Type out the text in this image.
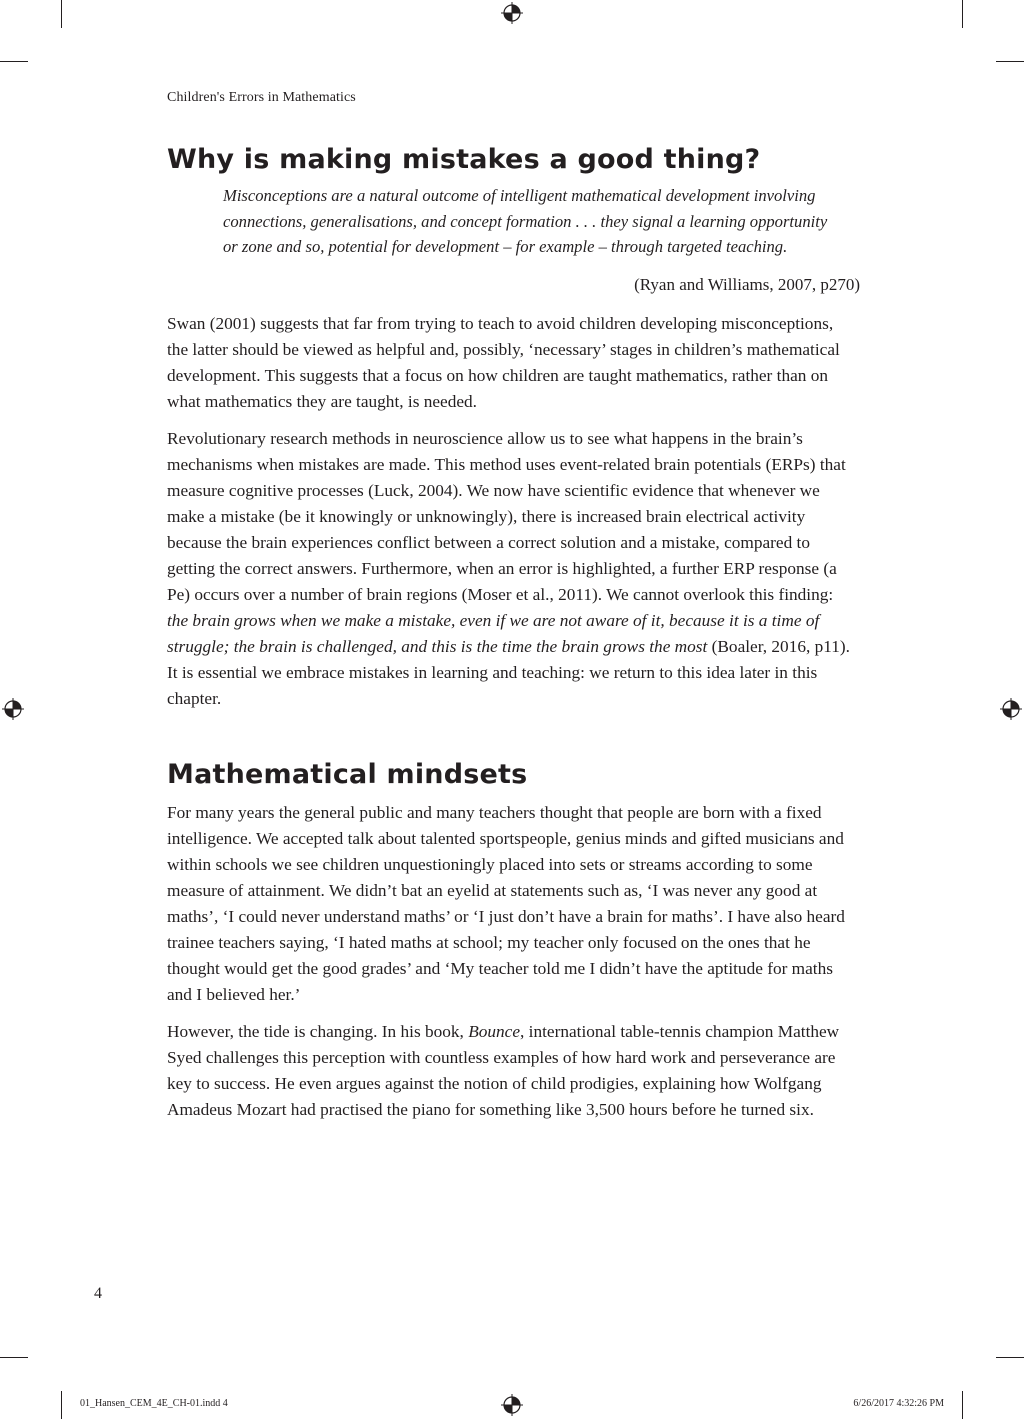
Children's Errors in Mathematics
Why is making mistakes a good thing?
Misconceptions are a natural outcome of intelligent mathematical development involving connections, generalisations, and concept formation . . . they signal a learning opportunity or zone and so, potential for development – for example – through targeted teaching.
(Ryan and Williams, 2007, p270)

Swan (2001) suggests that far from trying to teach to avoid children developing misconceptions, the latter should be viewed as helpful and, possibly, ‘necessary’ stages in children’s mathematical development. This suggests that a focus on how children are taught mathematics, rather than on what mathematics they are taught, is needed.

Revolutionary research methods in neuroscience allow us to see what happens in the brain’s mechanisms when mistakes are made. This method uses event-related brain potentials (ERPs) that measure cognitive processes (Luck, 2004). We now have scientific evidence that whenever we make a mistake (be it knowingly or unknowingly), there is increased brain electrical activity because the brain experiences conflict between a correct solution and a mistake, compared to getting the correct answers. Furthermore, when an error is highlighted, a further ERP response (a Pe) occurs over a number of brain regions (Moser et al., 2011). We cannot overlook this finding: the brain grows when we make a mistake, even if we are not aware of it, because it is a time of struggle; the brain is challenged, and this is the time the brain grows the most (Boaler, 2016, p11). It is essential we embrace mistakes in learning and teaching: we return to this idea later in this chapter.

Mathematical mindsets

For many years the general public and many teachers thought that people are born with a fixed intelligence. We accepted talk about talented sportspeople, genius minds and gifted musicians and within schools we see children unquestioningly placed into sets or streams according to some measure of attainment. We didn’t bat an eyelid at statements such as, ‘I was never any good at maths’, ‘I could never understand maths’ or ‘I just don’t have a brain for maths’. I have also heard trainee teachers saying, ‘I hated maths at school; my teacher only focused on the ones that he thought would get the good grades’ and ‘My teacher told me I didn’t have the aptitude for maths and I believed her.’

However, the tide is changing. In his book, Bounce, international table-tennis champion Matthew Syed challenges this perception with countless examples of how hard work and perseverance are key to success. He even argues against the notion of child prodigies, explaining how Wolfgang Amadeus Mozart had practised the piano for something like 3,500 hours before he turned six.

4
01_Hansen_CEM_4E_CH-01.indd 4	6/26/2017 4:32:26 PM
